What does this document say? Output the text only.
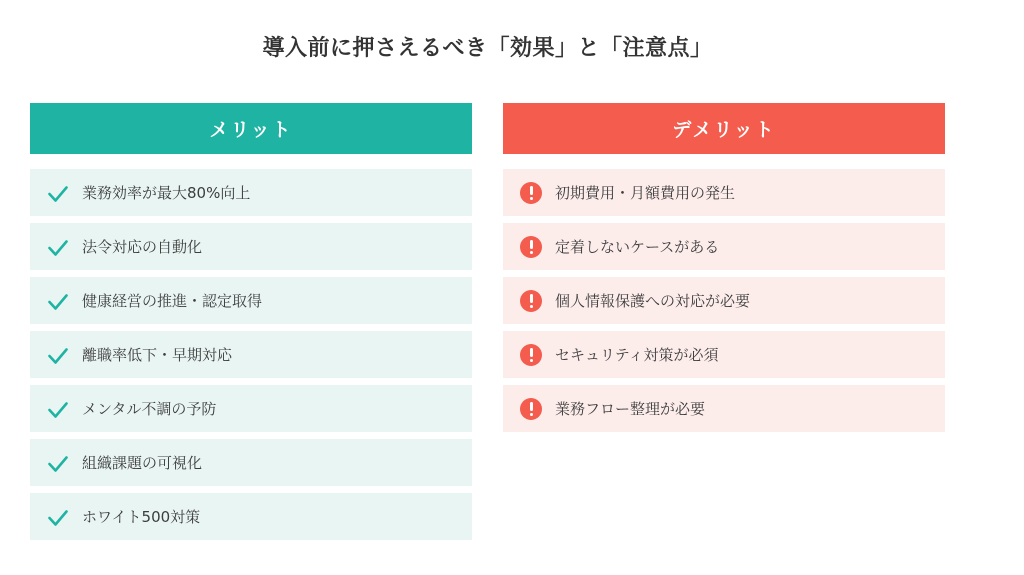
導入前に押さえるべき「効果」と「注意点」
メリット
業務効率が最大80%向上
法令対応の自動化
健康経営の推進・認定取得
離職率低下・早期対応
メンタル不調の予防
組織課題の可視化
ホワイト500対策
デメリット
初期費用・月額費用の発生
定着しないケースがある
個人情報保護への対応が必要
セキュリティ対策が必須
業務フロー整理が必要
